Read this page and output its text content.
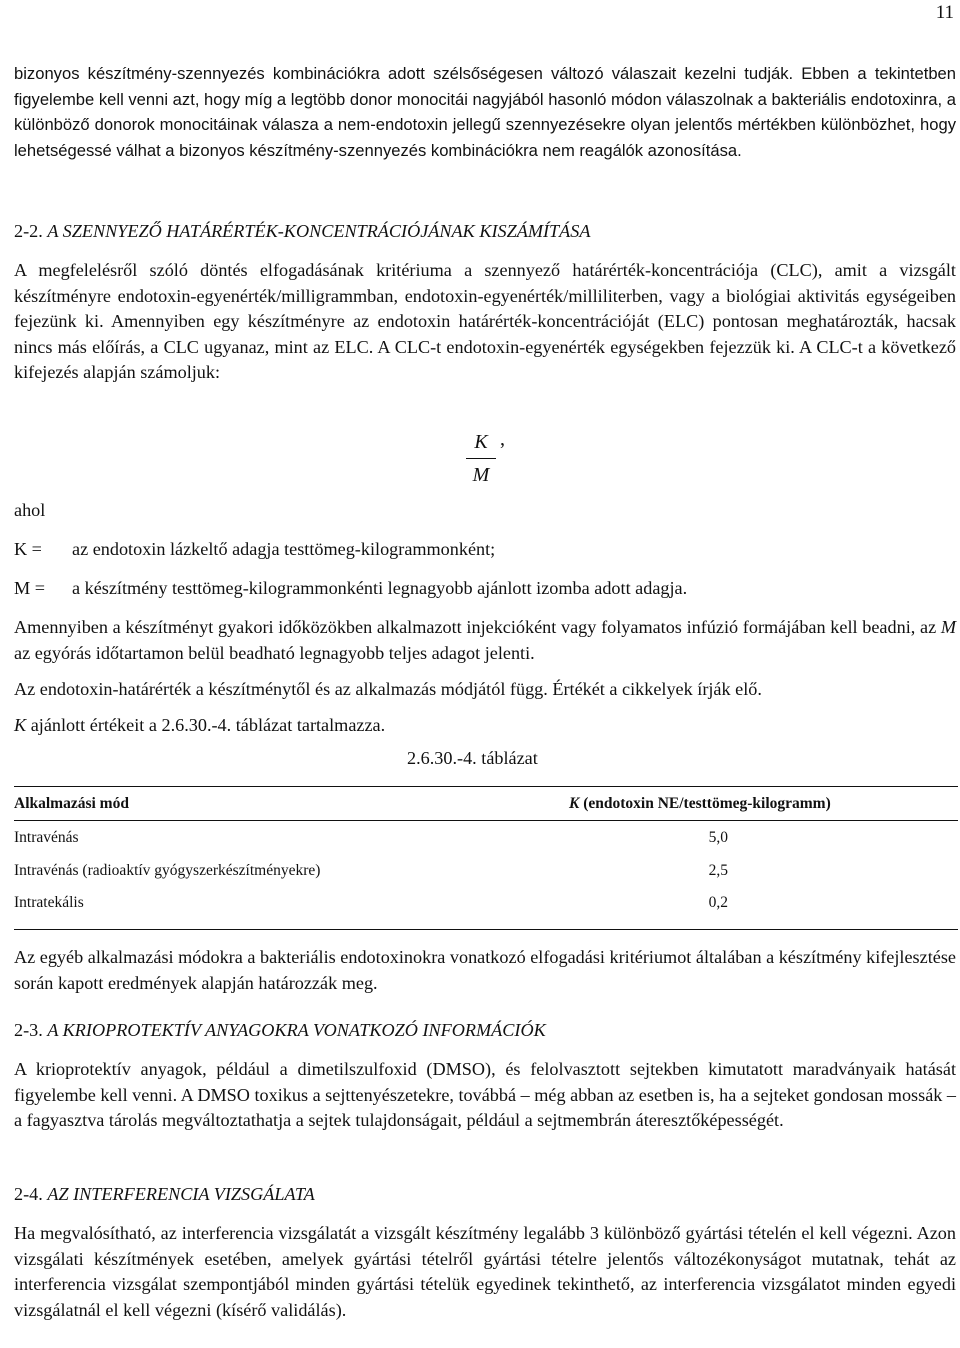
11

bizonyos készítmény-szennyezés kombinációkra adott szélsőségesen változó válaszait kezelni tudják. Ebben a tekintetben figyelembe kell venni azt, hogy míg a legtöbb donor monocitái nagyjából hasonló módon válaszolnak a bakteriális endotoxinra, a különböző donorok monocitáinak válasza a nem-endotoxin jellegű szennyezésekre olyan jelentős mértékben különbözhet, hogy lehetségessé válhat a bizonyos készítmény-szennyezés kombinációkra nem reagálók azonosítása.

2-2. A SZENNYEZŐ HATÁRÉRTÉK-KONCENTRÁCIÓJÁNAK KISZÁMÍTÁSA

A megfelelésről szóló döntés elfogadásának kritériuma a szennyező határérték-koncentrációja (CLC), amit a vizsgált készítményre endotoxin-egyenérték/milligrammban, endotoxin-egyenérték/milliliterben, vagy a biológiai aktivitás egységeiben fejezünk ki. Amennyiben egy készítményre az endotoxin határérték-koncentrációját (ELC) pontosan meghatározták, hacsak nincs más előírás, a CLC ugyanaz, mint az ELC. A CLC-t endotoxin-egyenérték egységekben fejezzük ki. A CLC-t a következő kifejezés alapján számoljuk:

K
M
,
ahol
K = az endotoxin lázkeltő adagja testtömeg-kilogrammonként;
M = a készítmény testtömeg-kilogrammonkénti legnagyobb ajánlott izomba adott adagja.

Amennyiben a készítményt gyakori időközökben alkalmazott injekcióként vagy folyamatos infúzió formájában kell beadni, az M az egyórás időtartamon belül beadható legnagyobb teljes adagot jelenti.

Az endotoxin-határérték a készítménytől és az alkalmazás módjától függ. Értékét a cikkelyek írják elő.

K ajánlott értékeit a 2.6.30.-4. táblázat tartalmazza.

2.6.30.-4. táblázat
Alkalmazási mód	K (endotoxin NE/testtömeg-kilogramm)
Intravénás	5,0
Intravénás (radioaktív gyógyszerkészítményekre)	2,5
Intratekális	0,2

Az egyéb alkalmazási módokra a bakteriális endotoxinokra vonatkozó elfogadási kritériumot általában a készítmény kifejlesztése során kapott eredmények alapján határozzák meg.

2-3. A KRIOPROTEKTÍV ANYAGOKRA VONATKOZÓ INFORMÁCIÓK

A krioprotektív anyagok, például a dimetilszulfoxid (DMSO), és felolvasztott sejtekben kimutatott maradványaik hatását figyelembe kell venni. A DMSO toxikus a sejttenyészetekre, továbbá – még abban az esetben is, ha a sejteket gondosan mossák – a fagyasztva tárolás megváltoztathatja a sejtek tulajdonságait, például a sejtmembrán áteresztőképességét.

2-4. AZ INTERFERENCIA VIZSGÁLATA

Ha megvalósítható, az interferencia vizsgálatát a vizsgált készítmény legalább 3 különböző gyártási tételén el kell végezni. Azon vizsgálati készítmények esetében, amelyek gyártási tételről gyártási tételre jelentős változékonyságot mutatnak, tehát az interferencia vizsgálat szempontjából minden gyártási tételük egyedinek tekinthető, az interferencia vizsgálatot minden egyedi vizsgálatnál el kell végezni (kísérő validálás).
